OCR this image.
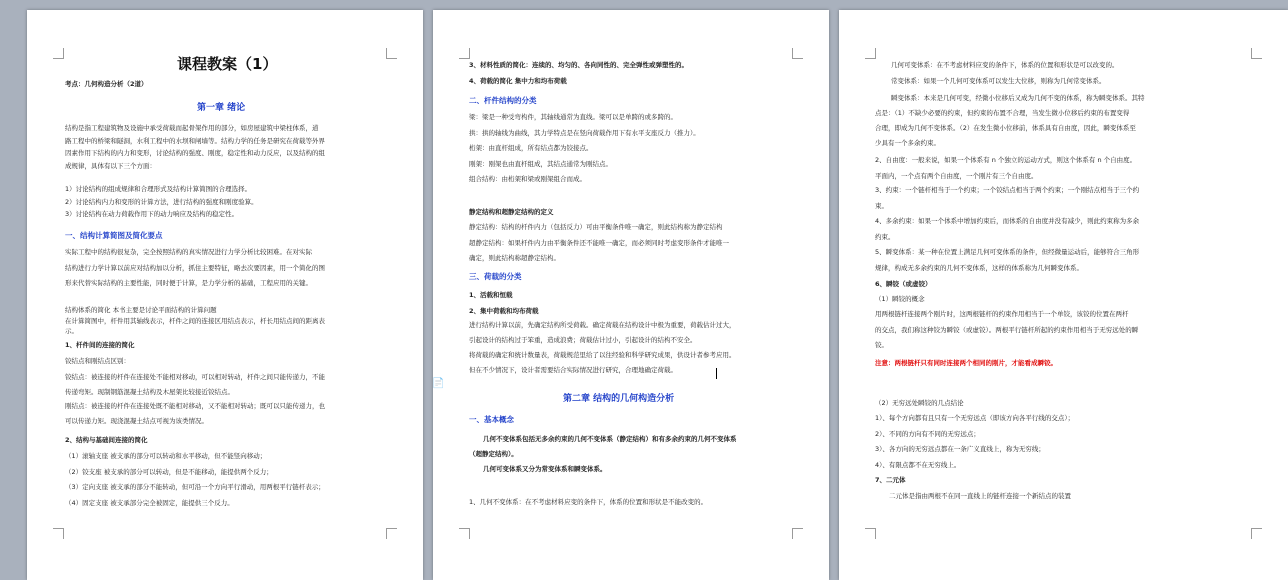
课程教案（1）
考点：几何构造分析（2道）
第一章 绪论
结构是指工程建筑物及设施中承受荷载而起骨架作用的部分，如房屋建筑中梁柱体系，道
路工程中的桥梁和隧洞，水利工程中的水坝和闸墙等。结构力学的任务是研究在荷载等外界
因素作用下结构的内力和变形，讨论结构的强度、刚度，稳定性和动力反应，以及结构的组
成规律，具体有以下三个方面：
1）讨论结构的组成规律和合理形式及结构计算简图的合理选择。
2）讨论结构内力和变形的计算方法，进行结构的强度和刚度验算。
3）讨论结构在动力荷载作用下的动力响应及结构的稳定性。
一、结构计算简图及简化要点
实际工程中的结构很复杂，完全按照结构的真实情况进行力学分析比较困难。在对实际
结构进行力学计算以前应对结构加以分析，抓住主要特征，略去次要因素，用一个简化的图
形来代替实际结构的主要性能，同时便于计算，是力学分析的基础，工程应用的关键。
结构体系的简化 本书主要是讨论平面结构的计算问题
在计算简图中，杆件用其轴线表示，杆件之间的连接区用结点表示，杆长用结点间的距离表
示。
1、杆件间的连接的简化
铰结点和刚结点区别：
铰结点：被连接的杆件在连接处不能相对移动，可以相对转动，杆件之间只能传递力，不能
传递弯矩。现制钢筋混凝土结构及木屋架比较接近铰结点。
刚结点：被连接的杆件在连接处既不能相对移动，又不能相对转动；既可以只能传递力，也
可以传递力矩。现浇混凝土结点可视为该类情况。
2、结构与基础间连接的简化
（1）滚轴支座 被支承的部分可以转动和水平移动，但不能竖向移动；
（2）铰支座 被支承的部分可以转动，但是不能移动，能提供两个反力；
（3）定向支座 被支承的部分不能转动，但可沿一个方向平行滑动，用两根平行链杆表示；
（4）固定支座 被支承部分完全被固定，能提供三个反力。
3、材料性质的简化：连续的、均匀的、各向同性的、完全弹性或弹塑性的。
4、荷载的简化 集中力和均布荷载
二、杆件结构的分类
梁：梁是一种受弯构件，其轴线通常为直线。梁可以是单跨的或多跨的。
拱：拱的轴线为曲线，其力学特点是在竖向荷载作用下有水平支座反力（推力）。
桁架：由直杆组成，所有结点都为铰接点。
刚架：刚架也由直杆组成，其结点通常为刚结点。
组合结构：由桁架和梁或刚架组合而成。
静定结构和超静定结构的定义
静定结构：结构的杆件内力（包括反力）可由平衡条件唯一确定，则此结构称为静定结构
超静定结构：如果杆件内力由平衡条件还不能唯一确定，而必须同时考虑变形条件才能唯一
确定，则此结构称超静定结构。
三、荷载的分类
1、活载和恒载
2、集中荷载和均布荷载
进行结构计算以前，先确定结构所受荷载。确定荷载在结构设计中极为重要，荷载估计过大，
引起设计的结构过于笨重，造成浪费；荷载估计过小，引起设计的结构不安全。
将荷载的确定和统计数量表，荷载规范里给了以往经验和科学研究成果，供设计者参考应用。
但在不少情况下，设计者需要结合实际情况进行研究，合理地确定荷载。
第二章 结构的几何构造分析
一、基本概念
几何不变体系包括无多余约束的几何不变体系（静定结构）和有多余约束的几何不变体系
（超静定结构）。
几何可变体系又分为常变体系和瞬变体系。
1、几何不变体系：在不考虑材料应变的条件下，体系的位置和形状是不能改变的。
几何可变体系：在不考虑材料应变的条件下，体系的位置和形状是可以改变的。
常变体系：如果一个几何可变体系可以发生大位移，则称为几何常变体系。
瞬变体系：本来是几何可变，经微小位移后又成为几何不变的体系，称为瞬变体系。其特
点是：（1）不缺少必要的约束，但约束的布置不合理，当发生微小位移后约束的布置变得
合理，即成为几何不变体系。（2）在发生微小位移前，体系具有自由度，因此，瞬变体系至
少具有一个多余约束。
2、自由度：一般来说，如果一个体系有 n 个独立的运动方式，则这个体系有 n 个自由度。
平面内，一个点有两个自由度，一个刚片有三个自由度。
3、约束：一个链杆相当于一个约束；一个铰结点相当于两个约束；一个刚结点相当于三个约
束。
4、多余约束：如果一个体系中增加约束后，而体系的自由度并没有减少，则此约束称为多余
约束。
5、瞬变体系：某一种在位置上满足几何可变体系的条件，但经微量运动后，能够符合三角形
规律，构成无多余约束的几何不变体系，这样的体系称为几何瞬变体系。
6、瞬铰（或虚铰）
（1）瞬铰的概念
用两根链杆连接两个刚片时，这两根链杆的约束作用相当于一个单铰，该铰的位置在两杆
的交点，我们称这种铰为瞬铰（或虚铰）。两根平行链杆所起的约束作用相当于无穷远处的瞬
铰。
注意：两根链杆只有同时连接两个相同的刚片，才能看成瞬铰。
（2）无穷远处瞬铰的几点结论
1）、每个方向都有且只有一个无穷远点（即该方向各平行线的交点）；
2）、不同的方向有不同的无穷远点；
3）、各方向的无穷远点都在一条广义直线上，称为无穷线；
4）、有限点都不在无穷线上。
7、二元体
二元体是指由两根不在同一直线上的链杆连接一个新结点的装置
📄
